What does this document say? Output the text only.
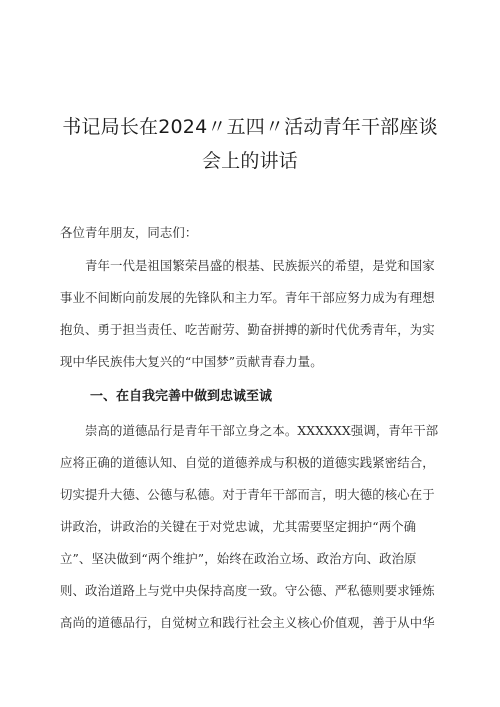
书记局长在2024〃五四〃活动青年干部座谈
会上的讲话
各位青年朋友，同志们：
　　青年一代是祖国繁荣昌盛的根基、民族振兴的希望，是党和国家
事业不间断向前发展的先锋队和主力军。青年干部应努力成为有理想
抱负、勇于担当责任、吃苦耐劳、勤奋拼搏的新时代优秀青年，为实
现中华民族伟大复兴的“中国梦”贡献青春力量。
一、在自我完善中做到忠诚至诚
　　崇高的道德品行是青年干部立身之本。XXXXXX强调，青年干部
应将正确的道德认知、自觉的道德养成与积极的道德实践紧密结合，
切实提升大德、公德与私德。对于青年干部而言，明大德的核心在于
讲政治，讲政治的关键在于对党忠诚，尤其需要坚定拥护“两个确
立”、坚决做到“两个维护”，始终在政治立场、政治方向、政治原
则、政治道路上与党中央保持高度一致。守公德、严私德则要求锤炼
高尚的道德品行，自觉树立和践行社会主义核心价值观，善于从中华
